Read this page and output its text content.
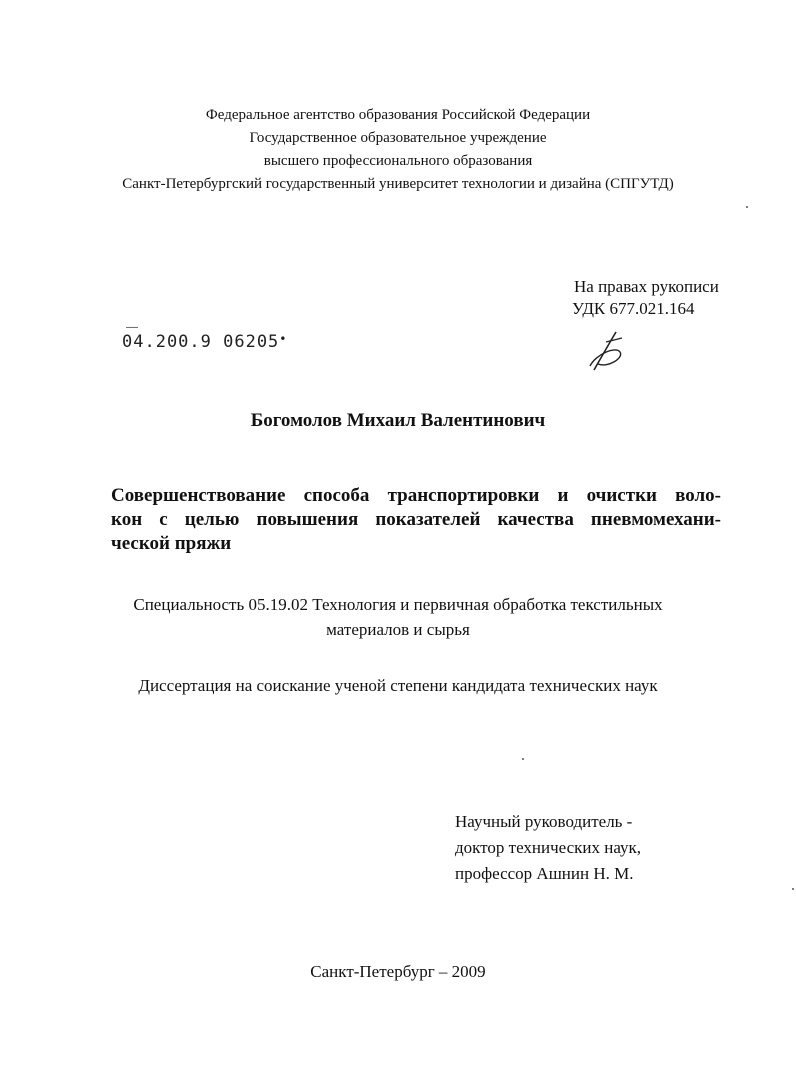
Федеральное агентство образования Российской Федерации
Государственное образовательное учреждение
высшего профессионального образования
Санкт-Петербургский государственный университет технологии и дизайна (СПГУТД)
На правах рукописи
УДК 677.021.164
‒‒
04.200.9 06205•
Богомолов Михаил Валентинович
Совершенствование способа транспортировки и очистки воло-
кон с целью повышения показателей качества пневмомехани-
ческой пряжи
Специальность 05.19.02 Технология и первичная обработка текстильных
материалов и сырья
Диссертация на соискание ученой степени кандидата технических наук
Научный руководитель -
доктор технических наук,
профессор Ашнин Н. М.
Санкт-Петербург – 2009
